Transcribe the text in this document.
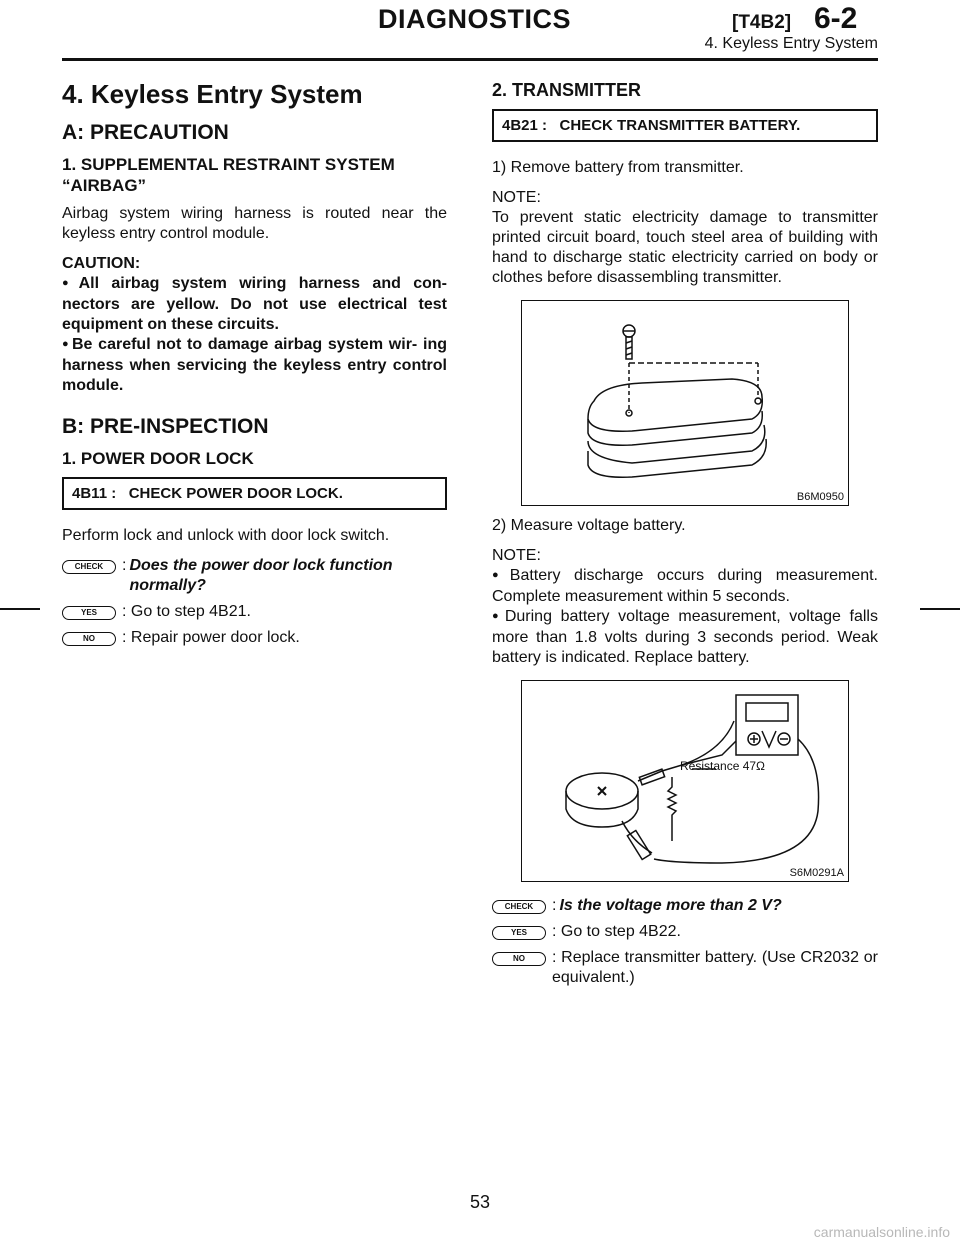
DIAGNOSTICS	[T4B2] 6-2
4. Keyless Entry System
4. Keyless Entry System
A: PRECAUTION
1. SUPPLEMENTAL RESTRAINT SYSTEM “AIRBAG”

Airbag system wiring harness is routed near the keyless entry control module.

CAUTION:

● All airbag system wiring harness and con- nectors are yellow. Do not use electrical test equipment on these circuits.

● Be careful not to damage airbag system wir- ing harness when servicing the keyless entry control module.

B: PRE-INSPECTION
1. POWER DOOR LOCK
4B11 :   CHECK POWER DOOR LOCK.

Perform lock and unlock with door lock switch.

CHECK	: Does the power door lock function normally?
YES	: Go to step 4B21.
NO	: Repair power door lock.
2. TRANSMITTER
4B21 :   CHECK TRANSMITTER BATTERY.

1) Remove battery from transmitter.

NOTE:

To prevent static electricity damage to transmitter printed circuit board, touch steel area of building with hand to discharge static electricity carried on body or clothes before disassembling transmitter.

B6M0950

2) Measure voltage battery.

NOTE:

● Battery discharge occurs during measurement. Complete measurement within 5 seconds.

● During battery voltage measurement, voltage falls more than 1.8 volts during 3 seconds period. Weak battery is indicated. Replace battery.

Resistance 47Ω
S6M0291A
CHECK	: Is the voltage more than 2 V?
YES	: Go to step 4B22.
NO	: Replace transmitter battery. (Use CR2032 or equivalent.)
53
carmanualsonline.info
